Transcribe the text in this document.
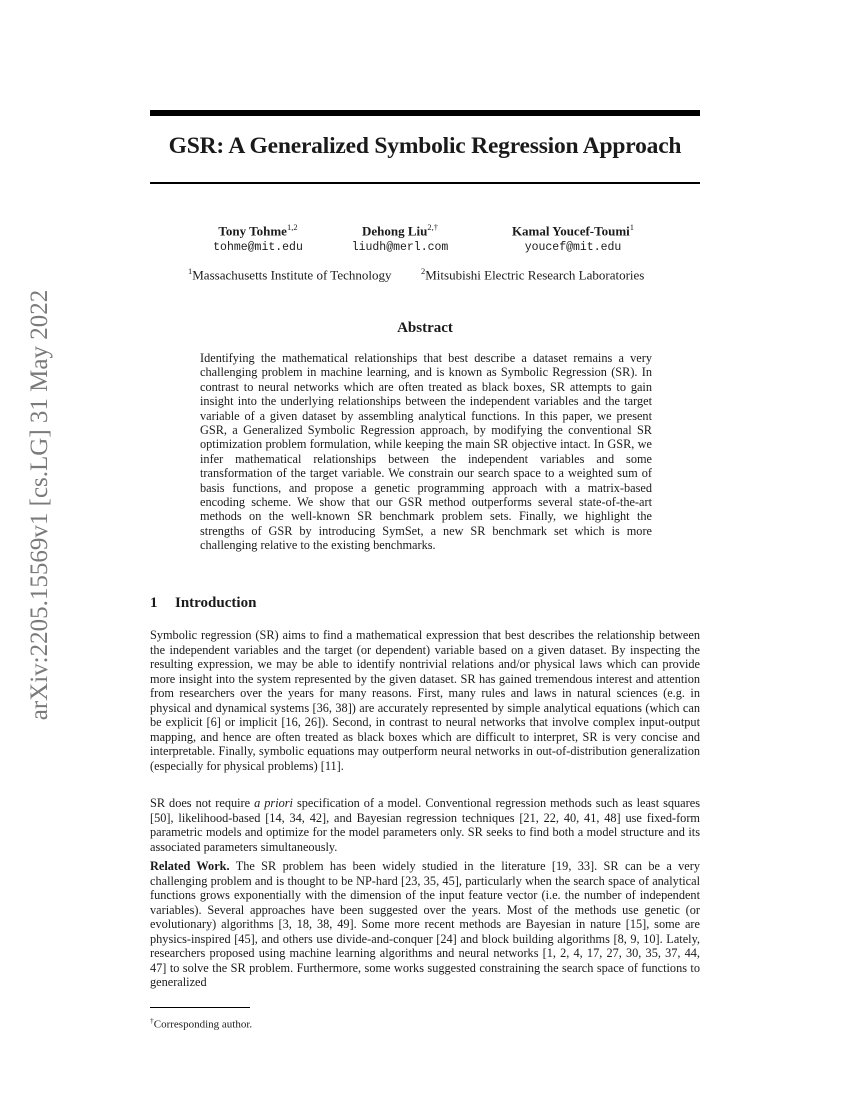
GSR: A Generalized Symbolic Regression Approach
arXiv:2205.15569v1 [cs.LG] 31 May 2022
Tony Tohme$^{1,2}$
tohme@mit.edu
Dehong Liu$^{2,\dagger}$
liudh@merl.com
Kamal Youcef-Toumi$^1$
youcef@mit.edu
$^1$Massachusetts Institute of Technology	$^2$Mitsubishi Electric Research Laboratories
Abstract

Identifying the mathematical relationships that best describe a dataset remains a very challenging problem in machine learning, and is known as Symbolic Regression (SR). In contrast to neural networks which are often treated as black boxes, SR attempts to gain insight into the underlying relationships between the independent variables and the target variable of a given dataset by assembling analytical functions. In this paper, we present GSR, a Generalized Symbolic Regression approach, by modifying the conventional SR optimization problem formulation, while keeping the main SR objective intact. In GSR, we infer mathematical relationships between the independent variables and some transformation of the target variable. We constrain our search space to a weighted sum of basis functions, and propose a genetic programming approach with a matrix-based encoding scheme. We show that our GSR method outperforms several state-of-the-art methods on the well-known SR benchmark problem sets. Finally, we highlight the strengths of GSR by introducing SymSet, a new SR benchmark set which is more challenging relative to the existing benchmarks.

1 Introduction

Symbolic regression (SR) aims to find a mathematical expression that best describes the relationship between the independent variables and the target (or dependent) variable based on a given dataset. By inspecting the resulting expression, we may be able to identify nontrivial relations and/or physical laws which can provide more insight into the system represented by the given dataset. SR has gained tremendous interest and attention from researchers over the years for many reasons. First, many rules and laws in natural sciences (e.g. in physical and dynamical systems [36, 38]) are accurately represented by simple analytical equations (which can be explicit [6] or implicit [16, 26]). Second, in contrast to neural networks that involve complex input-output mapping, and hence are often treated as black boxes which are difficult to interpret, SR is very concise and interpretable. Finally, symbolic equations may outperform neural networks in out-of-distribution generalization (especially for physical problems) [11].

SR does not require a priori specification of a model. Conventional regression methods such as least squares [50], likelihood-based [14, 34, 42], and Bayesian regression techniques [21, 22, 40, 41, 48] use fixed-form parametric models and optimize for the model parameters only. SR seeks to find both a model structure and its associated parameters simultaneously.

Related Work. The SR problem has been widely studied in the literature [19, 33]. SR can be a very challenging problem and is thought to be NP-hard [23, 35, 45], particularly when the search space of analytical functions grows exponentially with the dimension of the input feature vector (i.e. the number of independent variables). Several approaches have been suggested over the years. Most of the methods use genetic (or evolutionary) algorithms [3, 18, 38, 49]. Some more recent methods are Bayesian in nature [15], some are physics-inspired [45], and others use divide-and-conquer [24] and block building algorithms [8, 9, 10]. Lately, researchers proposed using machine learning algorithms and neural networks [1, 2, 4, 17, 27, 30, 35, 37, 44, 47] to solve the SR problem. Furthermore, some works suggested constraining the search space of functions to generalized

†Corresponding author.
